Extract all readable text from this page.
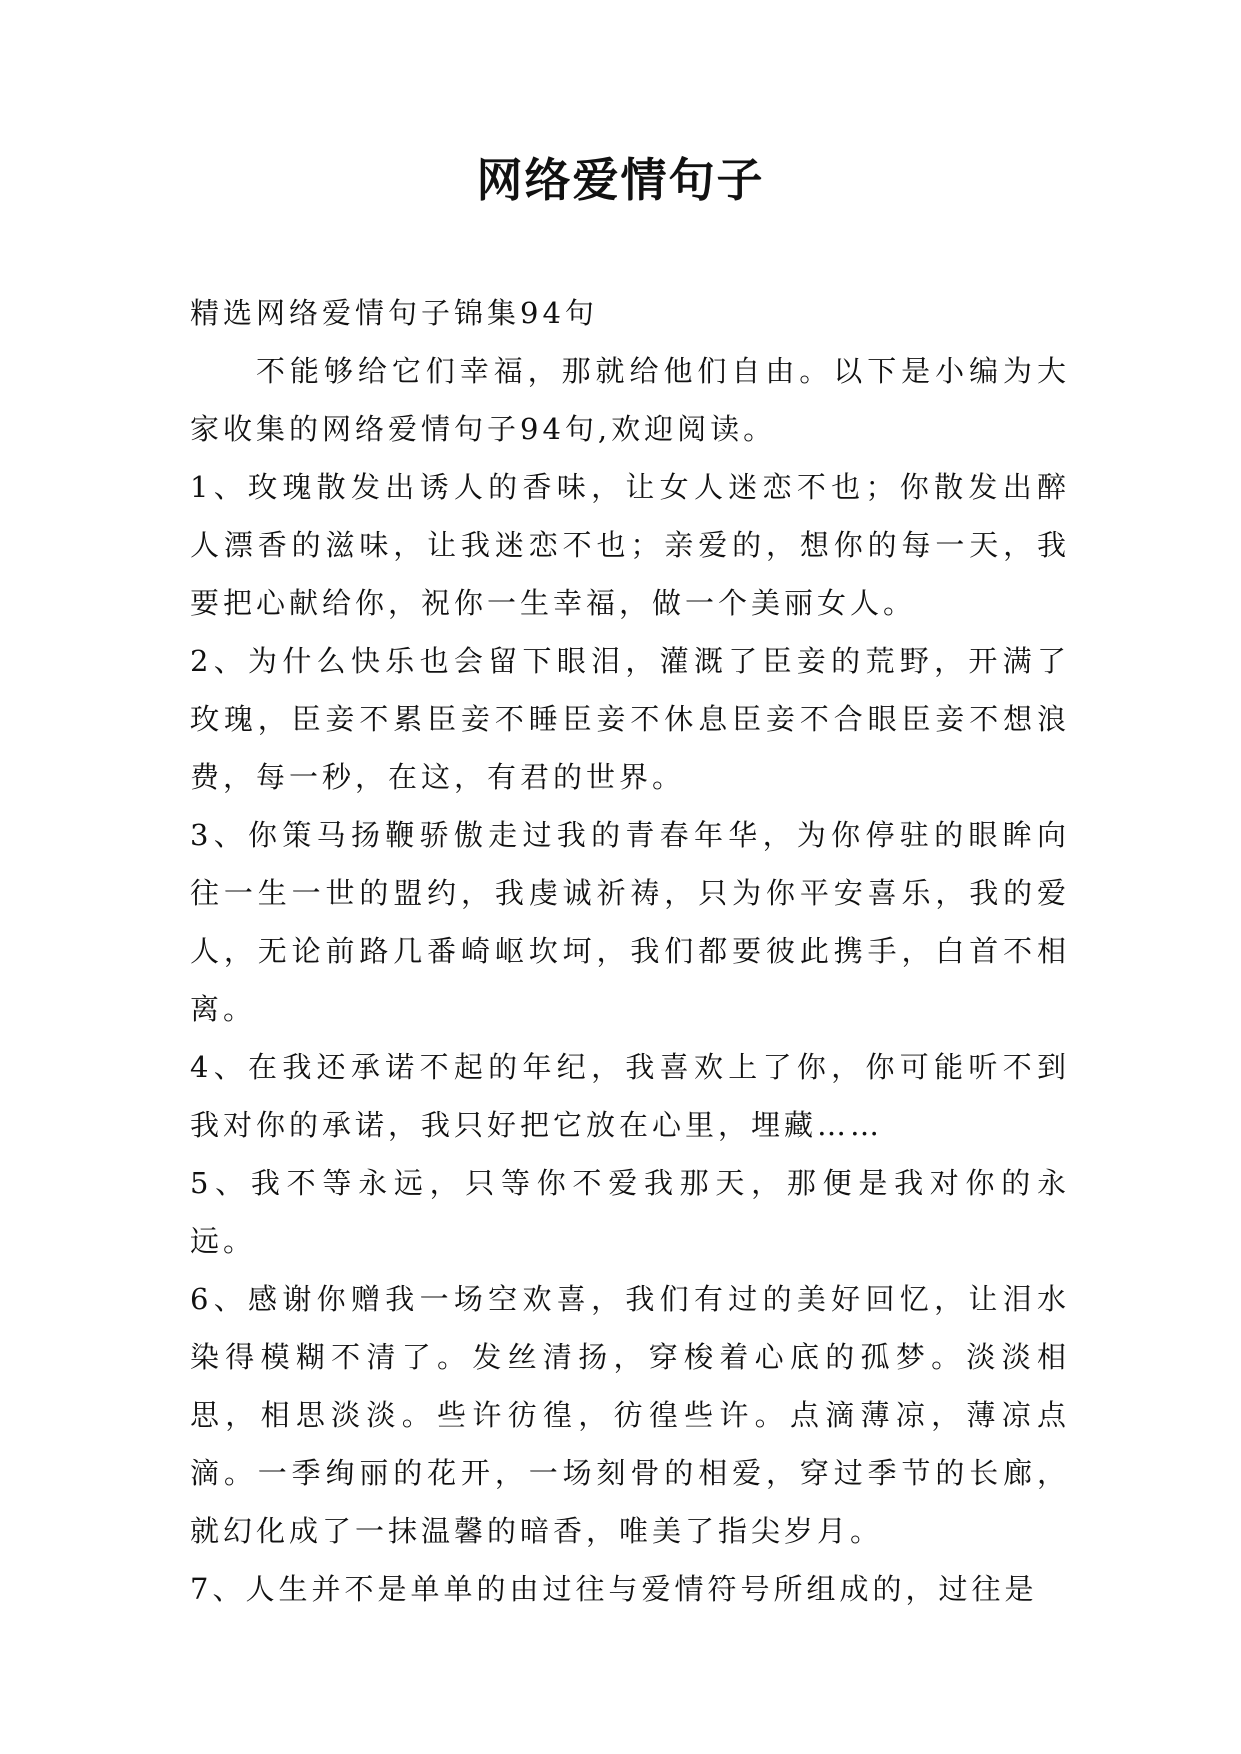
网络爱情句子

精选网络爱情句子锦集94句

不能够给它们幸福，那就给他们自由。以下是小编为大家收集的网络爱情句子94句,欢迎阅读。

1、玫瑰散发出诱人的香味，让女人迷恋不也；你散发出醉人漂香的滋味，让我迷恋不也；亲爱的，想你的每一天，我要把心献给你，祝你一生幸福，做一个美丽女人。

2、为什么快乐也会留下眼泪，灌溉了臣妾的荒野，开满了玫瑰，臣妾不累臣妾不睡臣妾不休息臣妾不合眼臣妾不想浪费，每一秒，在这，有君的世界。

3、你策马扬鞭骄傲走过我的青春年华，为你停驻的眼眸向往一生一世的盟约，我虔诚祈祷，只为你平安喜乐，我的爱人，无论前路几番崎岖坎坷，我们都要彼此携手，白首不相离。

4、在我还承诺不起的年纪，我喜欢上了你，你可能听不到我对你的承诺，我只好把它放在心里，埋藏……

5、我不等永远，只等你不爱我那天，那便是我对你的永远。

6、感谢你赠我一场空欢喜，我们有过的美好回忆，让泪水染得模糊不清了。发丝清扬，穿梭着心底的孤梦。淡淡相思，相思淡淡。些许彷徨，彷徨些许。点滴薄凉，薄凉点滴。一季绚丽的花开，一场刻骨的相爱，穿过季节的长廊，就幻化成了一抹温馨的暗香，唯美了指尖岁月。

7、人生并不是单单的由过往与爱情符号所组成的，过往是
